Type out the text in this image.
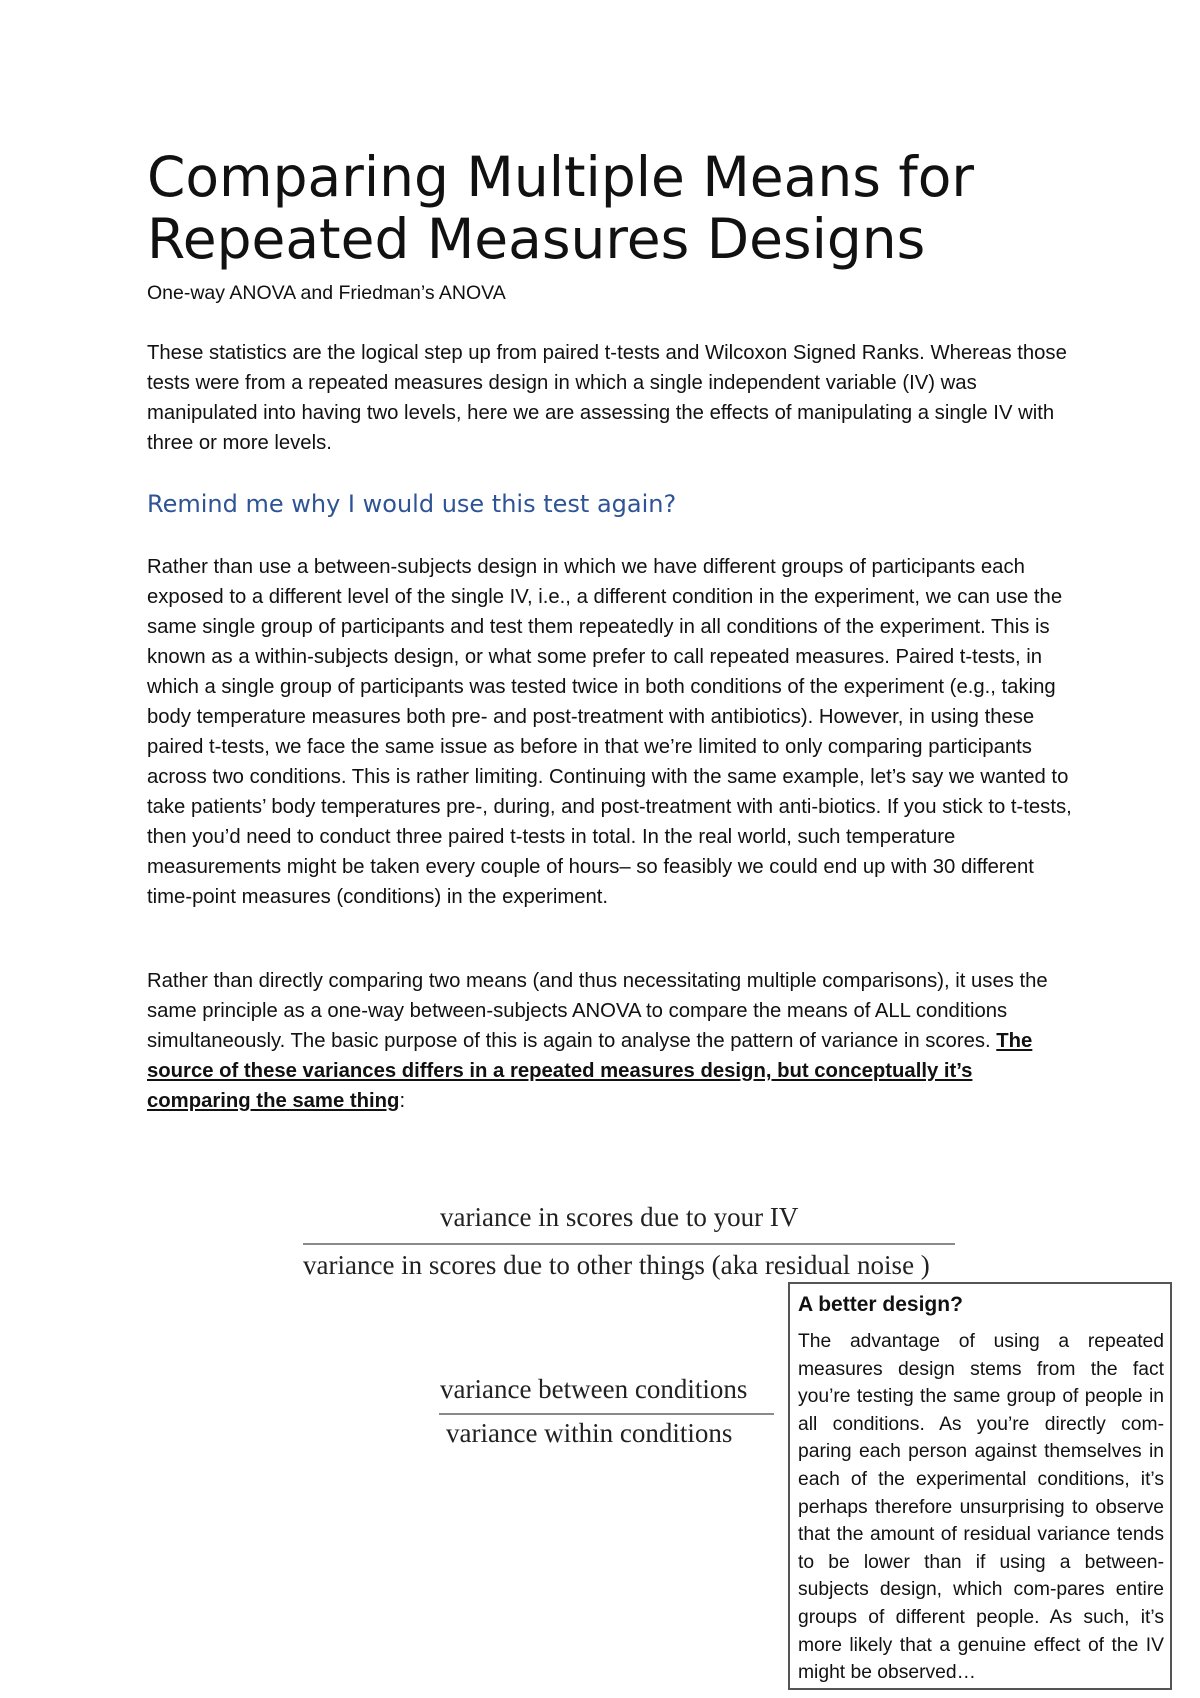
Comparing Multiple Means for Repeated Measures Designs

One-way ANOVA and Friedman’s ANOVA

These statistics are the logical step up from paired t-tests and Wilcoxon Signed Ranks. Whereas those tests were from a repeated measures design in which a single independent variable (IV) was manipulated into having two levels, here we are assessing the effects of manipulating a single IV with three or more levels.

Remind me why I would use this test again?

Rather than use a between-subjects design in which we have different groups of participants each exposed to a different level of the single IV, i.e., a different condition in the experiment, we can use the same single group of participants and test them repeatedly in all conditions of the experiment. This is known as a within-subjects design, or what some prefer to call repeated measures. Paired t-tests, in which a single group of participants was tested twice in both conditions of the experiment (e.g., taking body temperature measures both pre- and post-treatment with antibiotics). However, in using these paired t-tests, we face the same issue as before in that we’re limited to only comparing participants across two conditions. This is rather limiting. Continuing with the same example, let’s say we wanted to take patients’ body temperatures pre-, during, and post-treatment with anti-biotics. If you stick to t-tests, then you’d need to conduct three paired t-tests in total. In the real world, such temperature measurements might be taken every couple of hours– so feasibly we could end up with 30 different time-point measures (conditions) in the experiment.

Rather than directly comparing two means (and thus necessitating multiple comparisons), it uses the same principle as a one-way between-subjects ANOVA to compare the means of ALL conditions simultaneously. The basic purpose of this is again to analyse the pattern of variance in scores. The source of these variances differs in a repeated measures design, but conceptually it’s comparing the same thing:

variance in scores due to your IV
variance in scores due to other things (aka residual noise )
variance between conditions
variance within conditions

A better design?

The advantage of using a repeated measures design stems from the fact you’re testing the same group of people in all conditions. As you’re directly com-paring each person against themselves in each of the experimental conditions, it’s perhaps therefore unsurprising to observe that the amount of residual variance tends to be lower than if using a between-subjects design, which com-pares entire groups of different people. As such, it’s more likely that a genuine effect of the IV might be observed…
